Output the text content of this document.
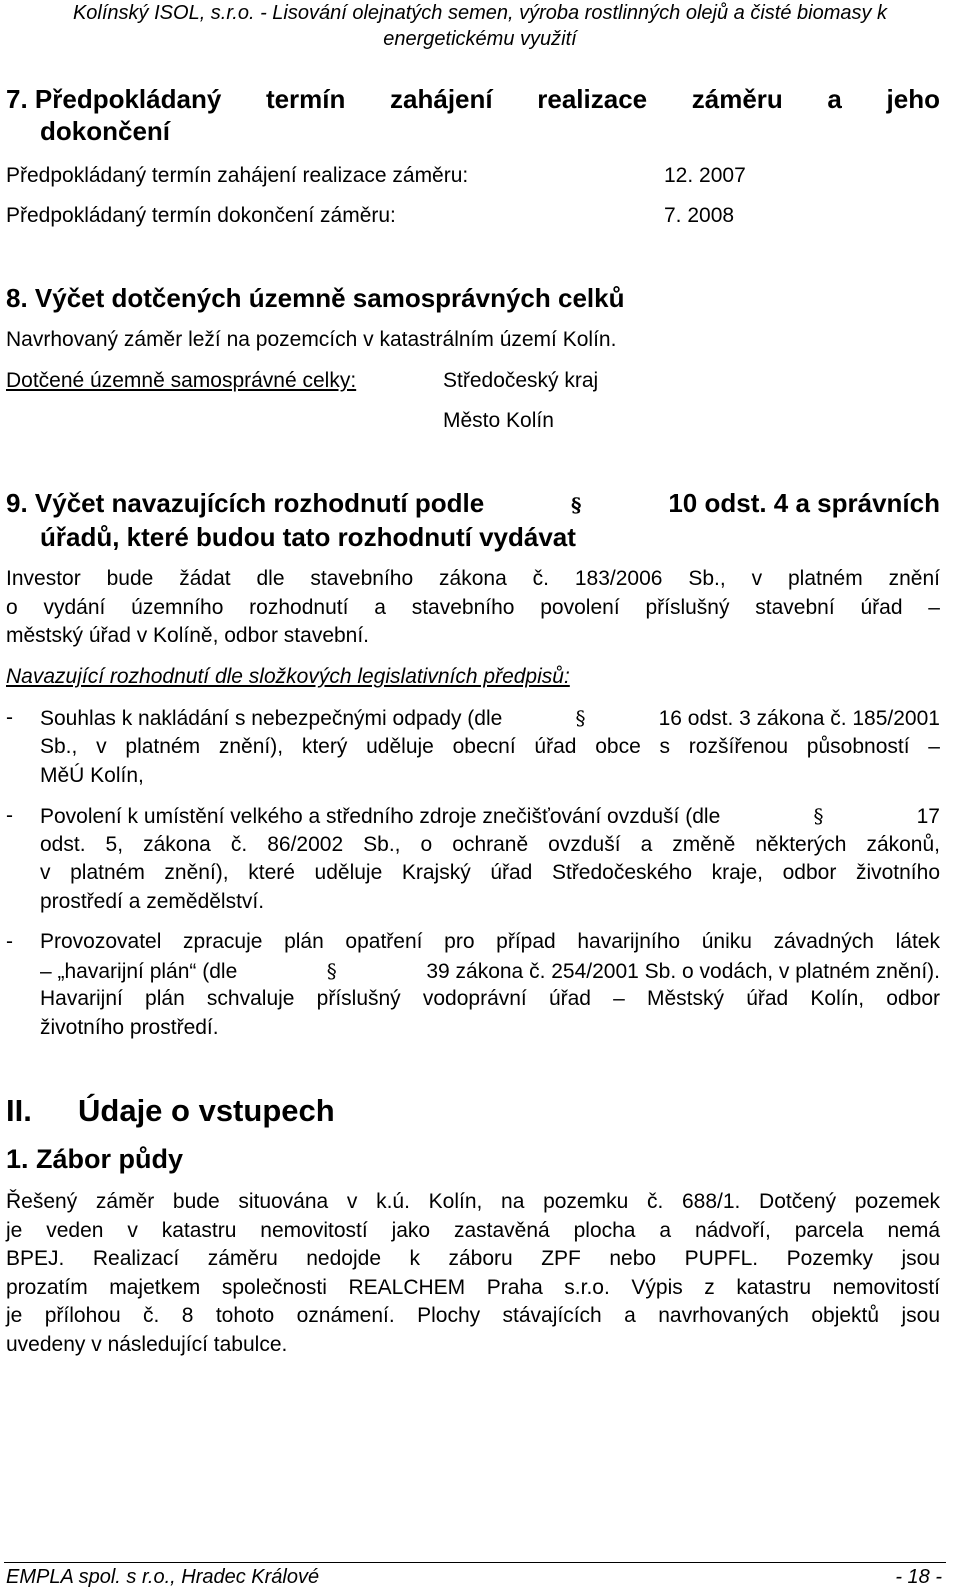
Kolínský ISOL, s.r.o. - Lisování olejnatých semen, výroba rostlinných olejů a čisté biomasy k
energetickému využití
7. Předpokládaný termín zahájení realizace záměru a jeho
dokončení
Předpokládaný termín zahájení realizace záměru:	12. 2007
Předpokládaný termín dokončení záměru:	7. 2008
8. Výčet dotčených územně samosprávných celků
Navrhovaný záměr leží na pozemcích v katastrálním území Kolín.
Dotčené územně samosprávné celky:	Středočeský kraj
Město Kolín
9. Výčet navazujících rozhodnutí podle	§	10 odst. 4 a správních
úřadů, které budou tato rozhodnutí vydávat
Investor bude žádat dle stavebního zákona č. 183/2006 Sb., v platném znění
o vydání územního rozhodnutí a stavebního povolení příslušný stavební úřad –
městský úřad v Kolíně, odbor stavební.
Navazující rozhodnutí dle složkových legislativních předpisů:
- Souhlas k nakládání s nebezpečnými odpady (dle	§	16 odst. 3 zákona č. 185/2001
Sb., v platném znění), který uděluje obecní úřad obce s rozšířenou působností –
MěÚ Kolín,
- Povolení k umístění velkého a středního zdroje znečišťování ovzduší (dle	§	17
odst. 5, zákona č. 86/2002 Sb., o ochraně ovzduší a změně některých zákonů,
v platném znění), které uděluje Krajský úřad Středočeského kraje, odbor životního
prostředí a zemědělství.
- Provozovatel zpracuje plán opatření pro případ havarijního úniku závadných látek
– „havarijní plán“ (dle	§	39 zákona č. 254/2001 Sb. o vodách, v platném znění).
Havarijní plán schvaluje příslušný vodoprávní úřad – Městský úřad Kolín, odbor
životního prostředí.
II. Údaje o vstupech
1. Zábor půdy
Řešený záměr bude situována v k.ú. Kolín, na pozemku č. 688/1. Dotčený pozemek
je veden v katastru nemovitostí jako zastavěná plocha a nádvoří, parcela nemá
BPEJ. Realizací záměru nedojde k záboru ZPF nebo PUPFL. Pozemky jsou
prozatím majetkem společnosti REALCHEM Praha s.r.o. Výpis z katastru nemovitostí
je přílohou č. 8 tohoto oznámení. Plochy stávajících a navrhovaných objektů jsou
uvedeny v následující tabulce.
EMPLA spol. s r.o., Hradec Králové	- 18 -
